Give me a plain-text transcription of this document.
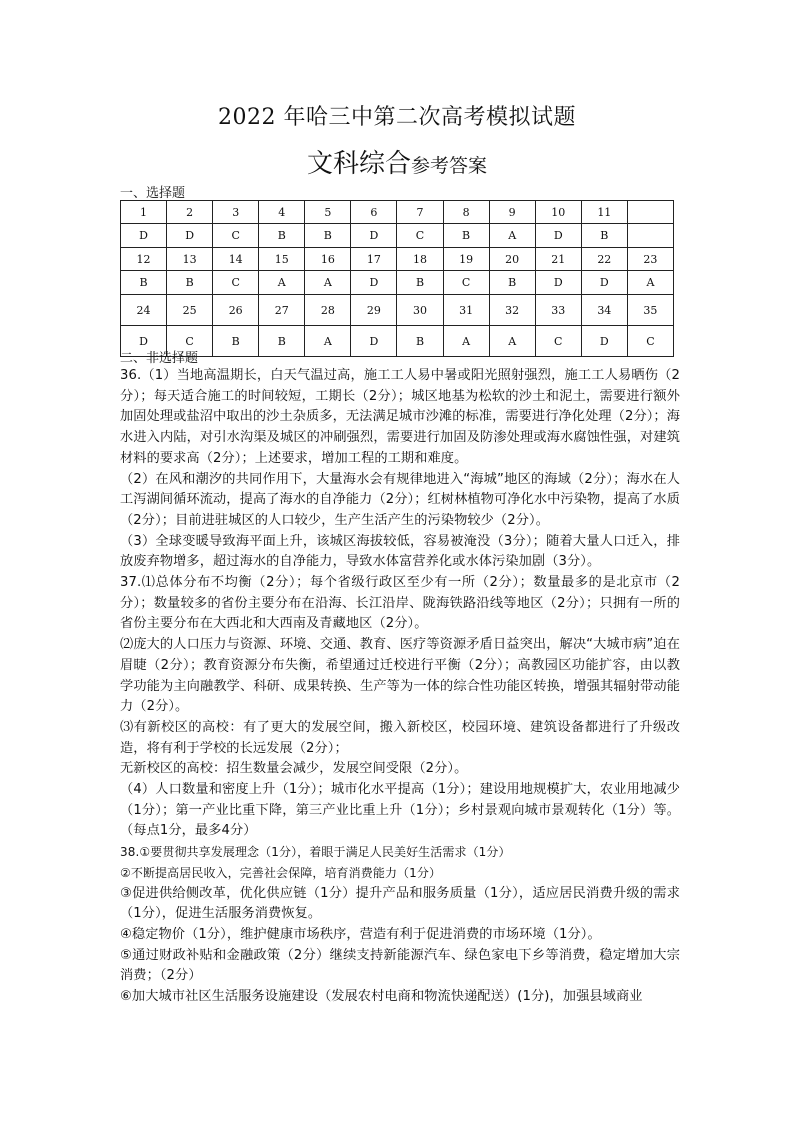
2022 年哈三中第二次高考模拟试题
文科综合参考答案
一、选择题
1	2	3	4	5	6	7	8	9	10	11	
D	D	C	B	B	D	C	B	A	D	B	
12	13	14	15	16	17	18	19	20	21	22	23
B	B	C	A	A	D	B	C	B	D	D	A
24	25	26	27	28	29	30	31	32	33	34	35
D	C	B	B	A	D	B	A	A	C	D	C
二、非选择题

36.（1）当地高温期长，白天气温过高，施工工人易中暑或阳光照射强烈，施工工人易晒伤（2分）；每天适合施工的时间较短，工期长（2分）；城区地基为松软的沙土和泥土，需要进行额外加固处理或盐沼中取出的沙土杂质多，无法满足城市沙滩的标准，需要进行净化处理（2分）；海水进入内陆，对引水沟渠及城区的冲刷强烈，需要进行加固及防渗处理或海水腐蚀性强，对建筑材料的要求高（2分）；上述要求，增加工程的工期和难度。

（2）在风和潮汐的共同作用下，大量海水会有规律地进入“海城”地区的海域（2分）；海水在人工泻湖间循环流动，提高了海水的自净能力（2分）；红树林植物可净化水中污染物，提高了水质（2分）；目前进驻城区的人口较少，生产生活产生的污染物较少（2分）。

（3）全球变暖导致海平面上升，该城区海拔较低，容易被淹没（3分）；随着大量人口迁入，排放废弃物增多，超过海水的自净能力，导致水体富营养化或水体污染加剧（3分）。

37.⑴总体分布不均衡（2分）；每个省级行政区至少有一所（2分）；数量最多的是北京市（2分）；数量较多的省份主要分布在沿海、长江沿岸、陇海铁路沿线等地区（2分）；只拥有一所的省份主要分布在大西北和大西南及青藏地区（2分）。

⑵庞大的人口压力与资源、环境、交通、教育、医疗等资源矛盾日益突出，解决“大城市病”迫在眉睫（2分）；教育资源分布失衡，希望通过迁校进行平衡（2分）；高教园区功能扩容，由以教学功能为主向融教学、科研、成果转换、生产等为一体的综合性功能区转换，增强其辐射带动能力（2分）。

⑶有新校区的高校：有了更大的发展空间，搬入新校区，校园环境、建筑设备都进行了升级改造，将有利于学校的长远发展（2分）；

无新校区的高校：招生数量会减少，发展空间受限（2分）。

（4）人口数量和密度上升（1分）；城市化水平提高（1分）；建设用地规模扩大，农业用地减少（1分）；第一产业比重下降，第三产业比重上升（1分）；乡村景观向城市景观转化（1分）等。（每点1分，最多4分）

38.①要贯彻共享发展理念（1分），着眼于满足人民美好生活需求（1分）

②不断提高居民收入，完善社会保障，培育消费能力（1分）

③促进供给侧改革，优化供应链（1分）提升产品和服务质量（1分），适应居民消费升级的需求（1分），促进生活服务消费恢复。

④稳定物价（1分），维护健康市场秩序，营造有利于促进消费的市场环境（1分）。

⑤通过财政补贴和金融政策（2分）继续支持新能源汽车、绿色家电下乡等消费，稳定增加大宗消费；（2分）

⑥加大城市社区生活服务设施建设（发展农村电商和物流快递配送）(1分)，加强县域商业
